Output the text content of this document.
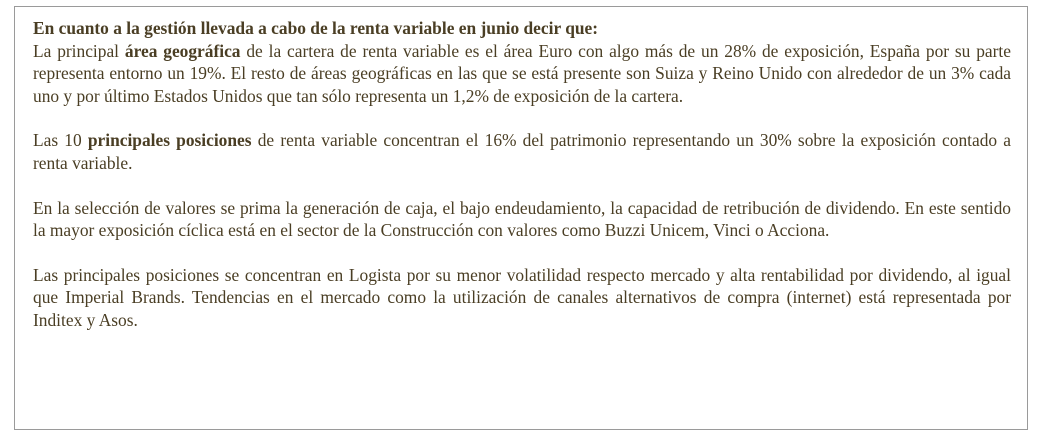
En cuanto a la gestión llevada a cabo de la renta variable en junio decir que:

La principal área geográfica de la cartera de renta variable es el área Euro con algo más de un 28% de exposición, España por su parte representa entorno un 19%. El resto de áreas geográficas en las que se está presente son Suiza y Reino Unido con alrededor de un 3% cada uno y por último Estados Unidos que tan sólo representa un 1,2% de exposición de la cartera.

Las 10 principales posiciones de renta variable concentran el 16% del patrimonio representando un 30% sobre la exposición contado a renta variable.

En la selección de valores se prima la generación de caja, el bajo endeudamiento, la capacidad de retribución de dividendo. En este sentido la mayor exposición cíclica está en el sector de la Construcción con valores como Buzzi Unicem, Vinci o Acciona.

Las principales posiciones se concentran en Logista por su menor volatilidad respecto mercado y alta rentabilidad por dividendo, al igual que Imperial Brands. Tendencias en el mercado como la utilización de canales alternativos de compra (internet) está representada por Inditex y Asos.
